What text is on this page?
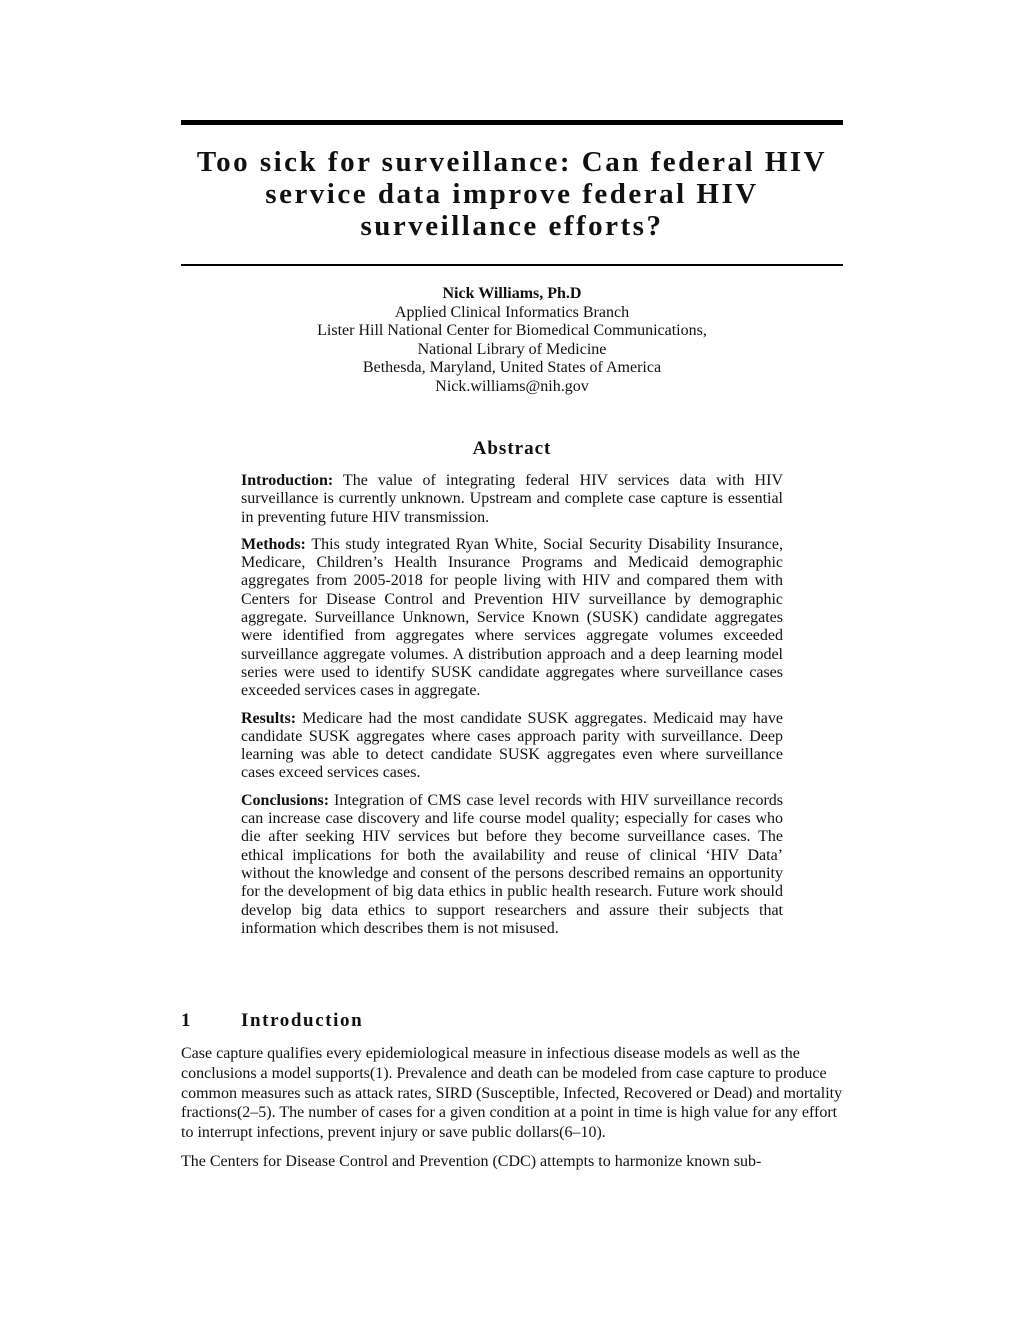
Too sick for surveillance: Can federal HIV service data improve federal HIV surveillance efforts?
Nick Williams, Ph.D
Applied Clinical Informatics Branch
Lister Hill National Center for Biomedical Communications,
National Library of Medicine
Bethesda, Maryland, United States of America
Nick.williams@nih.gov
Abstract

Introduction: The value of integrating federal HIV services data with HIV surveillance is currently unknown. Upstream and complete case capture is essential in preventing future HIV transmission.

Methods: This study integrated Ryan White, Social Security Disability Insurance, Medicare, Children’s Health Insurance Programs and Medicaid demographic aggregates from 2005-2018 for people living with HIV and compared them with Centers for Disease Control and Prevention HIV surveillance by demographic aggregate. Surveillance Unknown, Service Known (SUSK) candidate aggregates were identified from aggregates where services aggregate volumes exceeded surveillance aggregate volumes. A distribution approach and a deep learning model series were used to identify SUSK candidate aggregates where surveillance cases exceeded services cases in aggregate.

Results: Medicare had the most candidate SUSK aggregates. Medicaid may have candidate SUSK aggregates where cases approach parity with surveillance. Deep learning was able to detect candidate SUSK aggregates even where surveillance cases exceed services cases.

Conclusions: Integration of CMS case level records with HIV surveillance records can increase case discovery and life course model quality; especially for cases who die after seeking HIV services but before they become surveillance cases. The ethical implications for both the availability and reuse of clinical ‘HIV Data’ without the knowledge and consent of the persons described remains an opportunity for the development of big data ethics in public health research. Future work should develop big data ethics to support researchers and assure their subjects that information which describes them is not misused.

1	Introduction

Case capture qualifies every epidemiological measure in infectious disease models as well as the conclusions a model supports(1). Prevalence and death can be modeled from case capture to produce common measures such as attack rates, SIRD (Susceptible, Infected, Recovered or Dead) and mortality fractions(2–5). The number of cases for a given condition at a point in time is high value for any effort to interrupt infections, prevent injury or save public dollars(6–10).

The Centers for Disease Control and Prevention (CDC) attempts to harmonize known sub-
